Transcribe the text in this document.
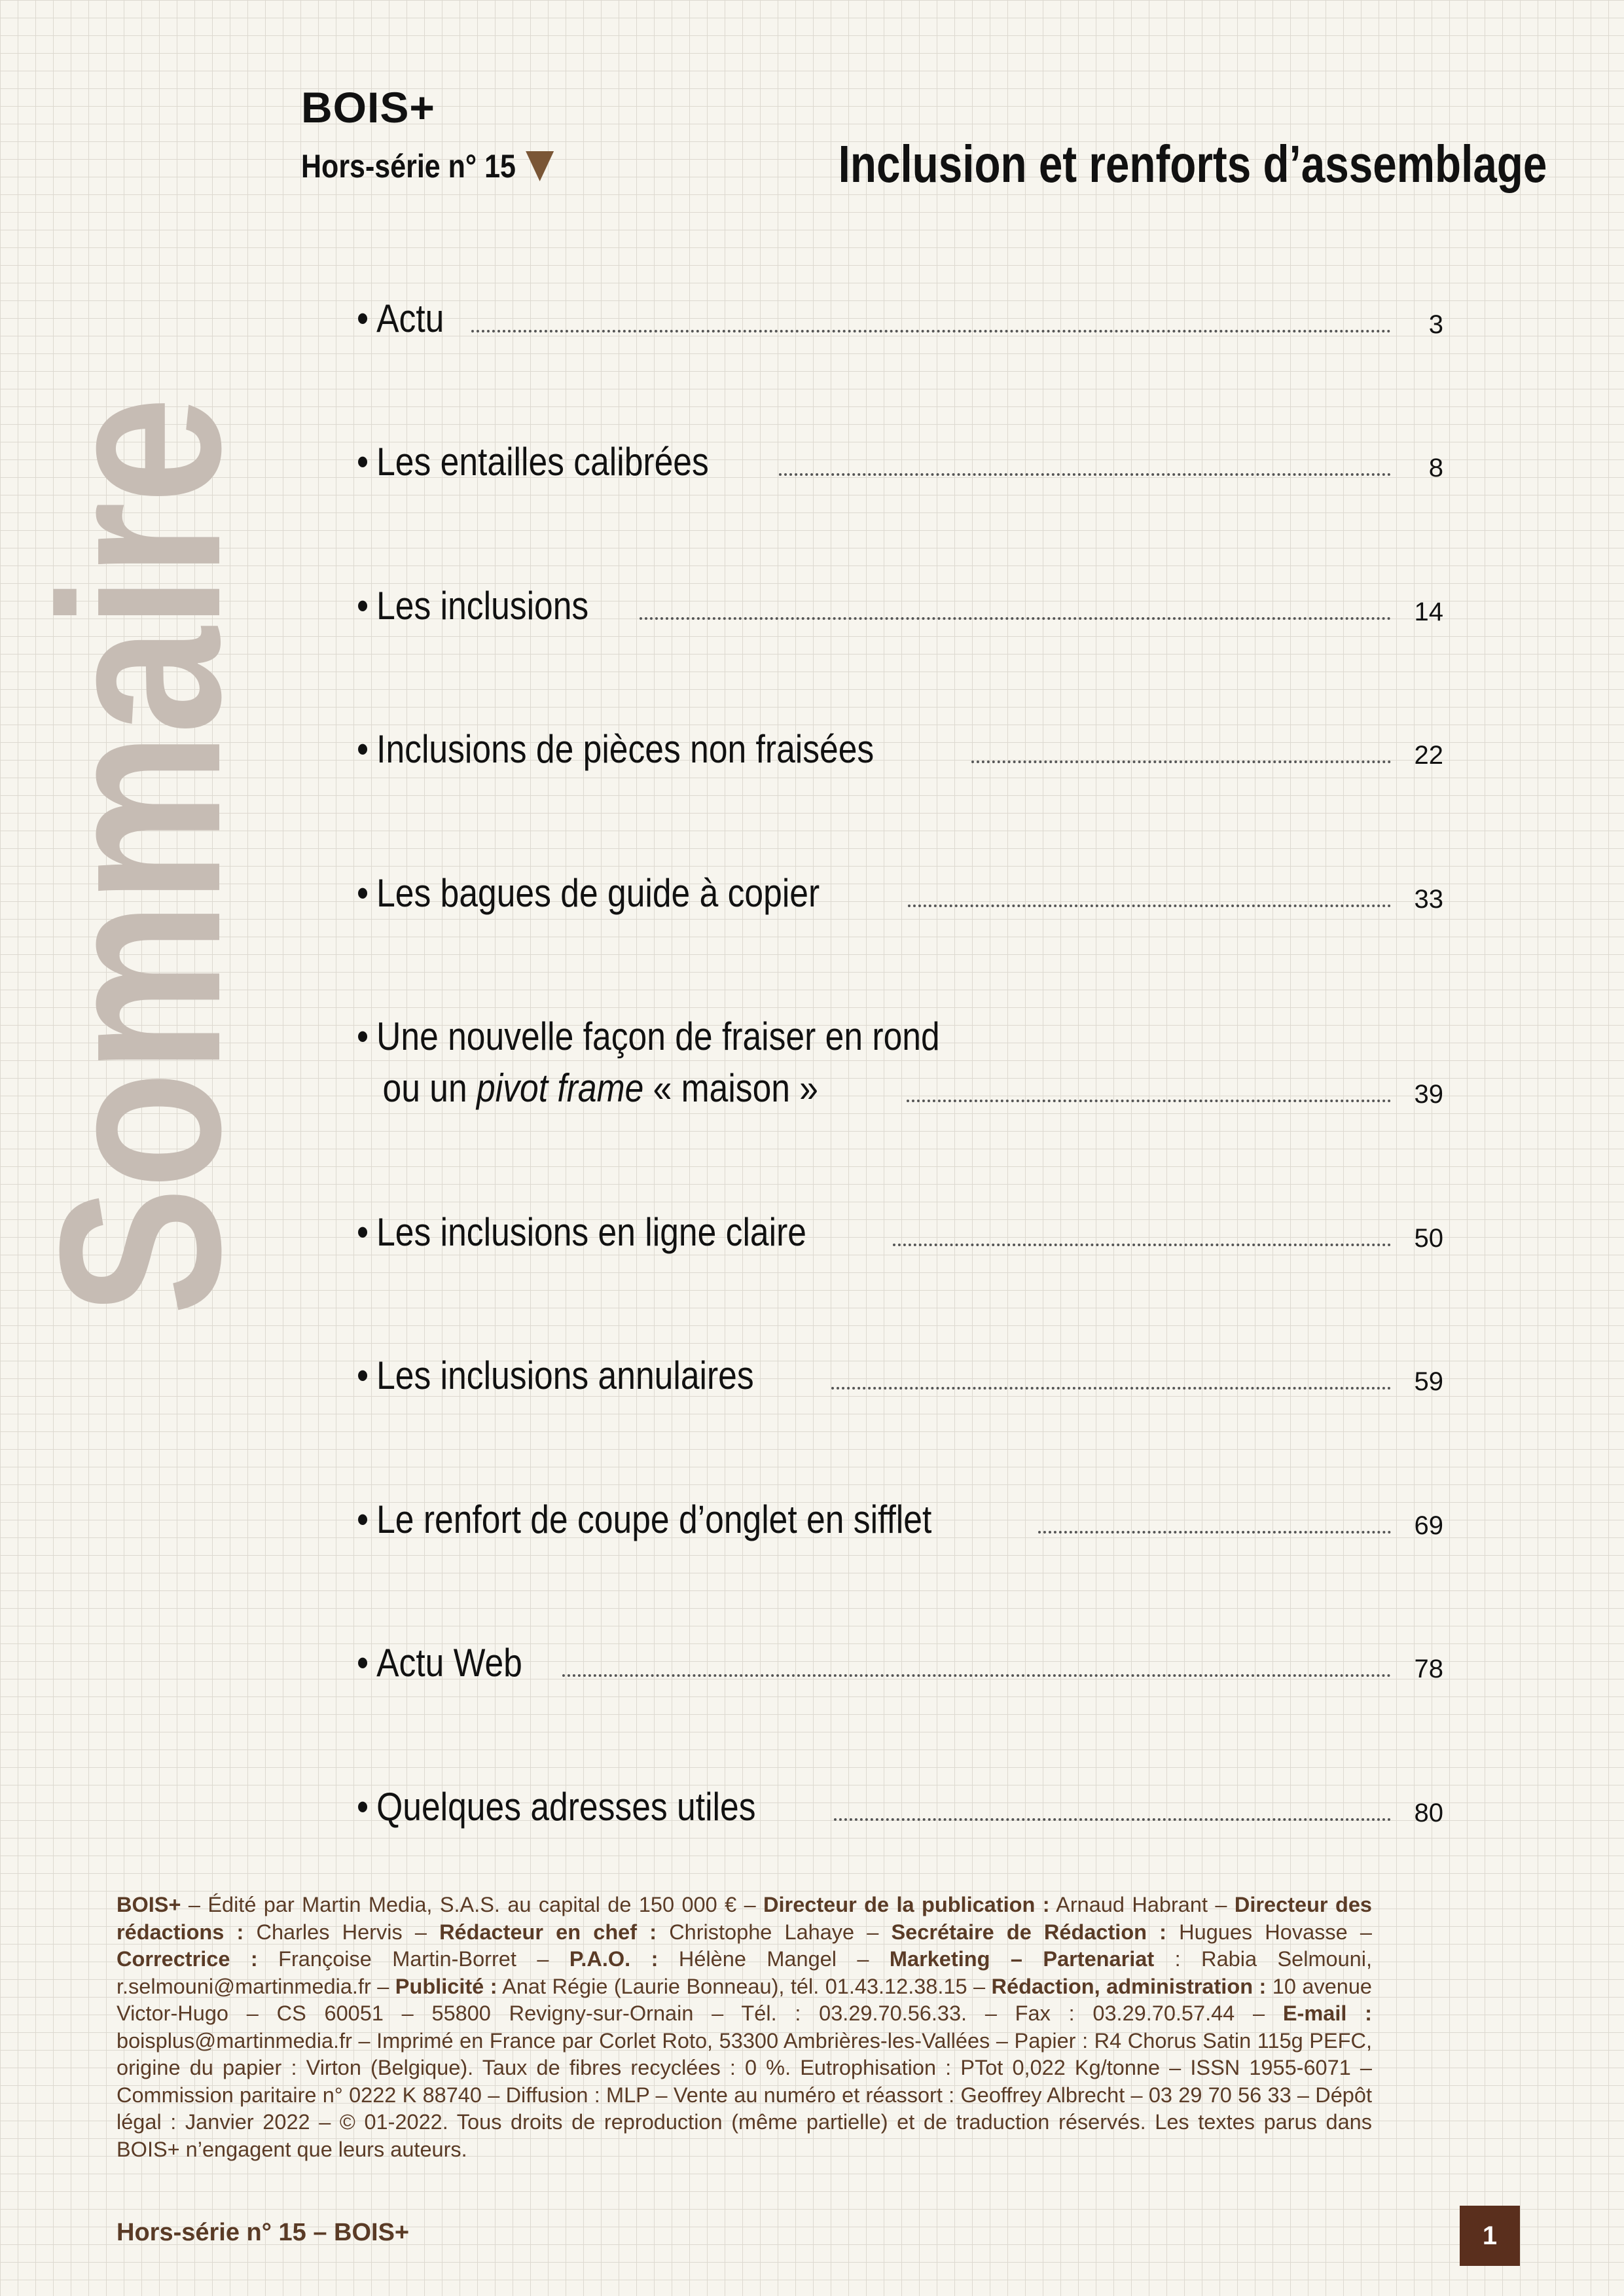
Sommaire
BOIS+
Hors-série n° 15	Inclusion et renforts d’assemblage
• Actu	3
• Les entailles calibrées	8
• Les inclusions	14
• Inclusions de pièces non fraisées	22
• Les bagues de guide à copier	33
• Une nouvelle façon de fraiser en rond
ou un pivot frame « maison »	39
• Les inclusions en ligne claire	50
• Les inclusions annulaires	59
• Le renfort de coupe d’onglet en sifflet	69
• Actu Web	78
• Quelques adresses utiles	80
BOIS+ – Édité par Martin Media, S.A.S. au capital de 150 000 € – Directeur de la publication : Arnaud Habrant – Directeur des rédactions : Charles Hervis – Rédacteur en chef : Christophe Lahaye – Secrétaire de Rédaction : Hugues Hovasse – Correctrice : Françoise Martin-Borret – P.A.O. : Hélène Mangel – Marketing – Partenariat : Rabia Selmouni, r.selmouni@martinmedia.fr – Publicité : Anat Régie (Laurie Bonneau), tél. 01.43.12.38.15 – Rédaction, administration : 10 avenue Victor-Hugo – CS 60051 – 55800 Revigny-sur-Ornain – Tél. : 03.29.70.56.33. – Fax : 03.29.70.57.44 – E-mail : boisplus@martinmedia.fr – Imprimé en France par Corlet Roto, 53300 Ambrières-les-Vallées – Papier : R4 Chorus Satin 115g PEFC, origine du papier : Virton (Belgique). Taux de fibres recyclées : 0 %. Eutrophisation : PTot 0,022 Kg/tonne – ISSN 1955-6071 – Commission paritaire n° 0222 K 88740 – Diffusion : MLP – Vente au numéro et réassort : Geoffrey Albrecht – 03 29 70 56 33 – Dépôt légal : Janvier 2022 – © 01-2022. Tous droits de reproduction (même partielle) et de traduction réservés. Les textes parus dans BOIS+ n’engagent que leurs auteurs.
Hors-série n° 15 – BOIS+	1
